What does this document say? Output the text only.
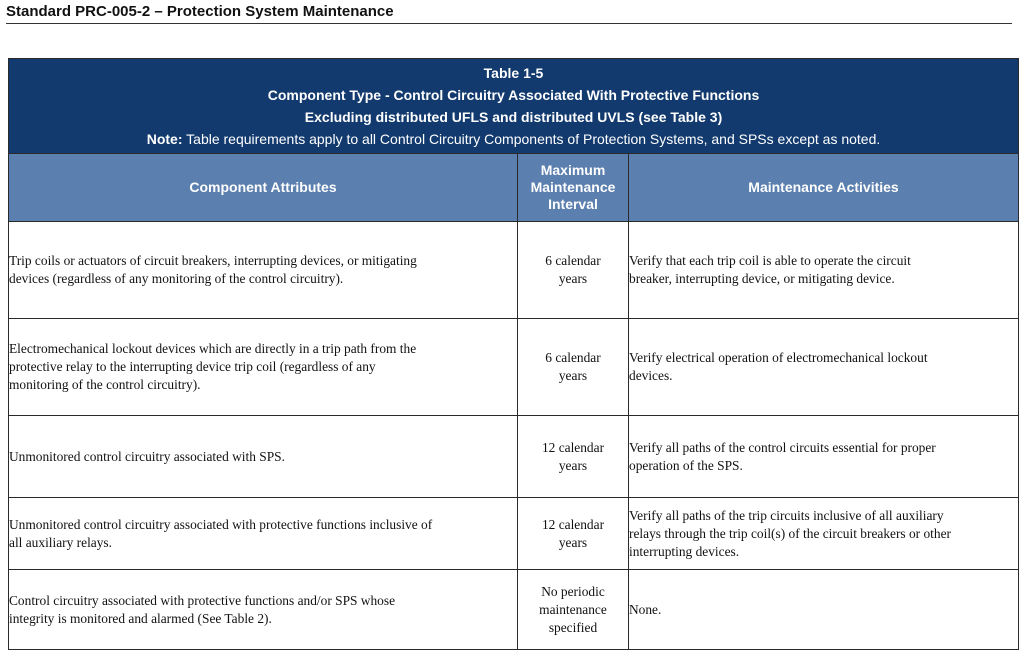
Standard PRC-005-2 – Protection System Maintenance
Table 1-5
Component Type - Control Circuitry Associated With Protective Functions
Excluding distributed UFLS and distributed UVLS (see Table 3)
Note: Table requirements apply to all Control Circuitry Components of Protection Systems, and SPSs except as noted.		

Component Attributes	Maximum
Maintenance
Interval	Maintenance Activities

Trip coils or actuators of circuit breakers, interrupting devices, or mitigating
devices (regardless of any monitoring of the control circuitry).	6 calendar
years	Verify that each trip coil is able to operate the circuit
breaker, interrupting device, or mitigating device.

Electromechanical lockout devices which are directly in a trip path from the
protective relay to the interrupting device trip coil (regardless of any
monitoring of the control circuitry).	6 calendar
years	Verify electrical operation of electromechanical lockout
devices.

Unmonitored control circuitry associated with SPS.	12 calendar
years	Verify all paths of the control circuits essential for proper
operation of the SPS.

Unmonitored control circuitry associated with protective functions inclusive of
all auxiliary relays.	12 calendar
years	Verify all paths of the trip circuits inclusive of all auxiliary
relays through the trip coil(s) of the circuit breakers or other
interrupting devices.

Control circuitry associated with protective functions and/or SPS whose
integrity is monitored and alarmed (See Table 2).	No periodic
maintenance
specified	None.
